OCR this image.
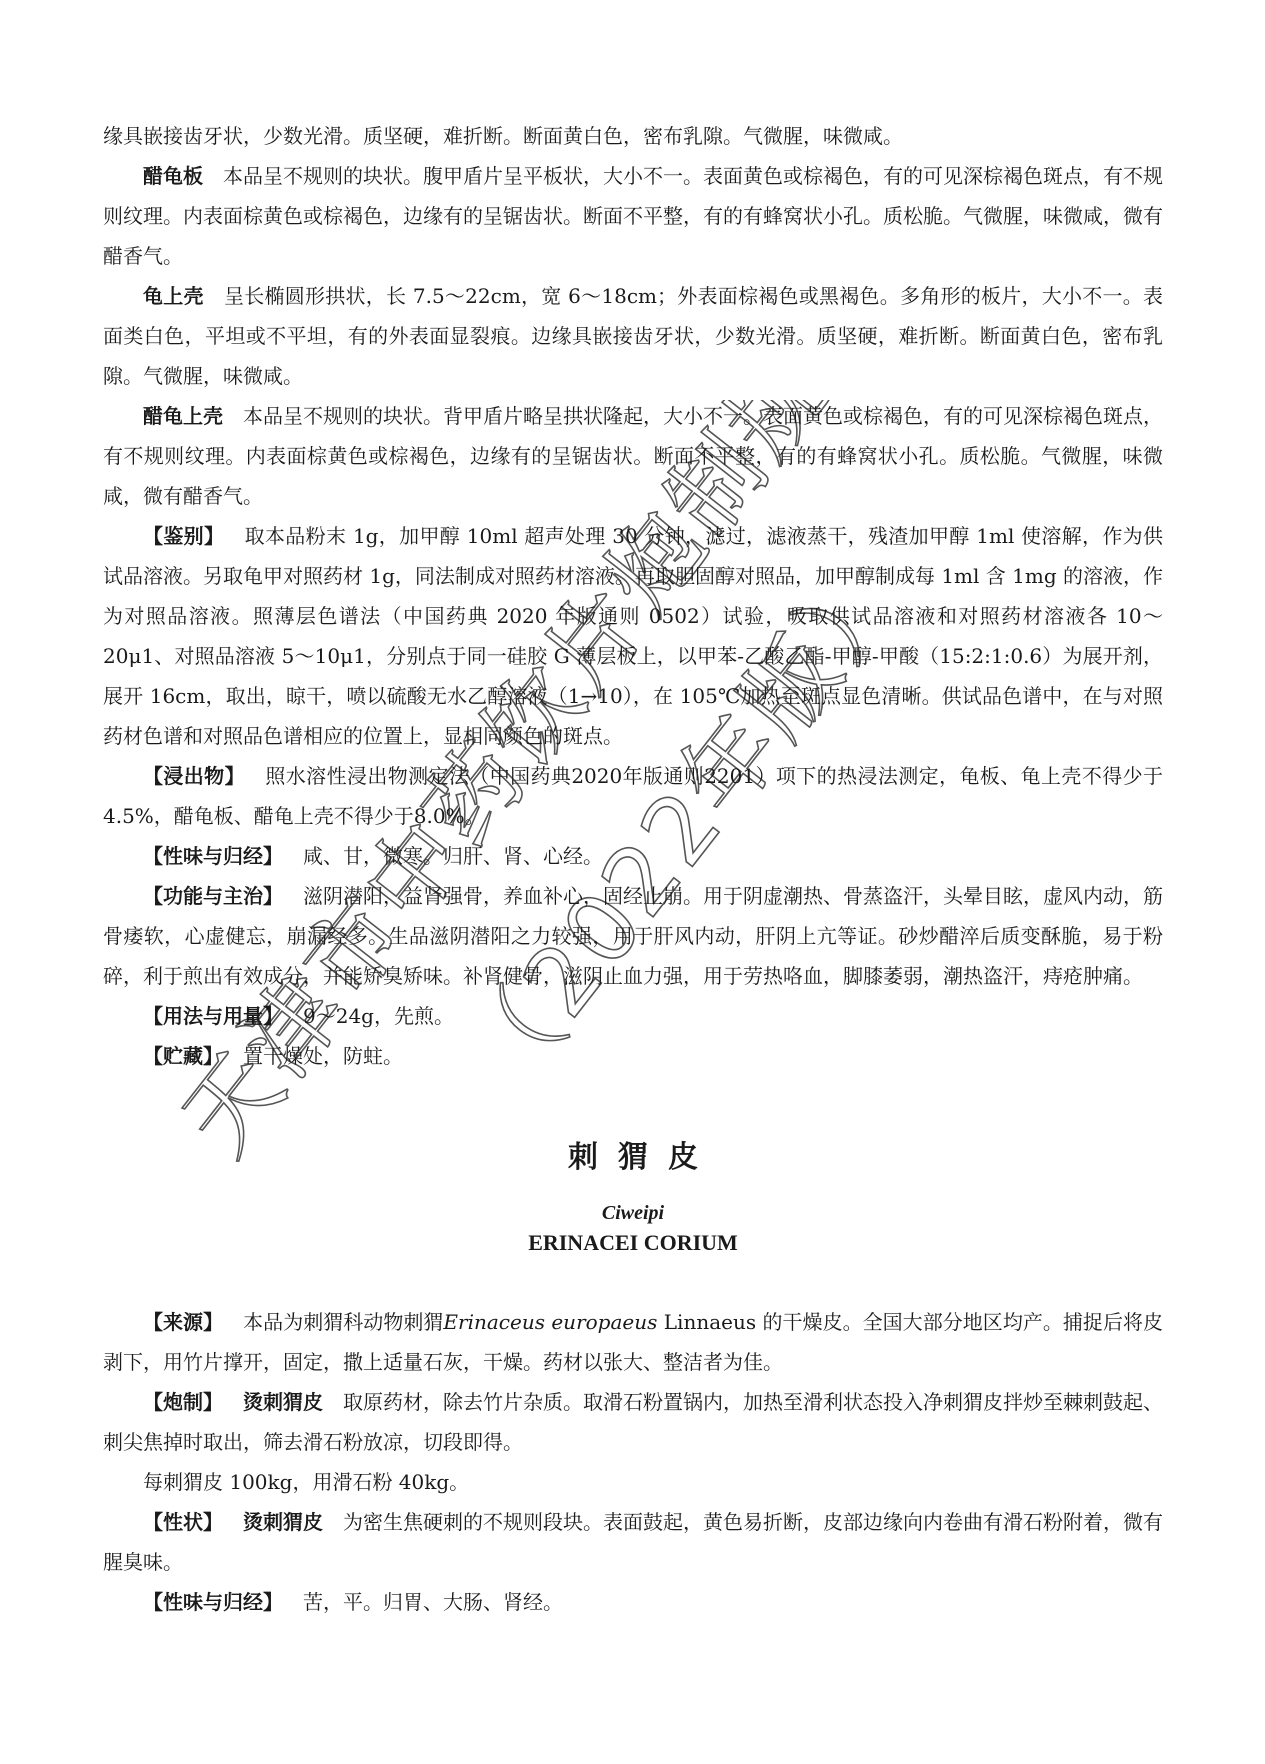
缘具嵌接齿牙状，少数光滑。质坚硬，难折断。断面黄白色，密布乳隙。气微腥，味微咸。

醋龟板 本品呈不规则的块状。腹甲盾片呈平板状，大小不一。表面黄色或棕褐色，有的可见深棕褐色斑点，有不规则纹理。内表面棕黄色或棕褐色，边缘有的呈锯齿状。断面不平整，有的有蜂窝状小孔。质松脆。气微腥，味微咸，微有醋香气。

龟上壳 呈长椭圆形拱状，长 7.5～22cm，宽 6～18cm；外表面棕褐色或黑褐色。多角形的板片，大小不一。表面类白色，平坦或不平坦，有的外表面显裂痕。边缘具嵌接齿牙状，少数光滑。质坚硬，难折断。断面黄白色，密布乳隙。气微腥，味微咸。

醋龟上壳 本品呈不规则的块状。背甲盾片略呈拱状隆起，大小不一。表面黄色或棕褐色，有的可见深棕褐色斑点，有不规则纹理。内表面棕黄色或棕褐色，边缘有的呈锯齿状。断面不平整，有的有蜂窝状小孔。质松脆。气微腥，味微咸，微有醋香气。

【鉴别】 取本品粉末 1g，加甲醇 10ml 超声处理 30 分钟，滤过，滤液蒸干，残渣加甲醇 1ml 使溶解，作为供试品溶液。另取龟甲对照药材 1g，同法制成对照药材溶液。再取胆固醇对照品，加甲醇制成每 1ml 含 1mg 的溶液，作为对照品溶液。照薄层色谱法（中国药典 2020 年版通则 0502）试验，吸取供试品溶液和对照药材溶液各 10～20μ1、对照品溶液 5～10μ1，分别点于同一硅胶 G 薄层板上，以甲苯-乙酸乙酯-甲醇-甲酸（15:2:1:0.6）为展开剂，展开 16cm，取出，晾干，喷以硫酸无水乙醇溶液（1→10），在 105℃加热至斑点显色清晰。供试品色谱中，在与对照药材色谱和对照品色谱相应的位置上，显相同颜色的斑点。

【浸出物】 照水溶性浸出物测定法（中国药典2020年版通则2201）项下的热浸法测定，龟板、龟上壳不得少于4.5%，醋龟板、醋龟上壳不得少于8.0%。

【性味与归经】 咸、甘，微寒。归肝、肾、心经。

【功能与主治】 滋阴潜阳，益肾强骨，养血补心，固经止崩。用于阴虚潮热、骨蒸盗汗，头晕目眩，虚风内动，筋骨痿软，心虚健忘，崩漏经多。生品滋阴潜阳之力较强，用于肝风内动，肝阴上亢等证。砂炒醋淬后质变酥脆，易于粉碎，利于煎出有效成分，并能矫臭矫味。补肾健骨，滋阴止血力强，用于劳热咯血，脚膝萎弱，潮热盗汗，痔疮肿痛。

【用法与用量】 9～24g，先煎。

【贮藏】 置干燥处，防蛀。

刺猬皮
Ciweipi
ERINACEI CORIUM

【来源】 本品为刺猬科动物刺猬Erinaceus europaeus Linnaeus 的干燥皮。全国大部分地区均产。捕捉后将皮剥下，用竹片撑开，固定，撒上适量石灰，干燥。药材以张大、整洁者为佳。

【炮制】 烫刺猬皮 取原药材，除去竹片杂质。取滑石粉置锅内，加热至滑利状态投入净刺猬皮拌炒至棘刺鼓起、刺尖焦掉时取出，筛去滑石粉放凉，切段即得。

每刺猬皮 100kg，用滑石粉 40kg。

【性状】 烫刺猬皮 为密生焦硬刺的不规则段块。表面鼓起，黄色易折断，皮部边缘向内卷曲有滑石粉附着，微有腥臭味。

【性味与归经】 苦，平。归胃、大肠、肾经。
